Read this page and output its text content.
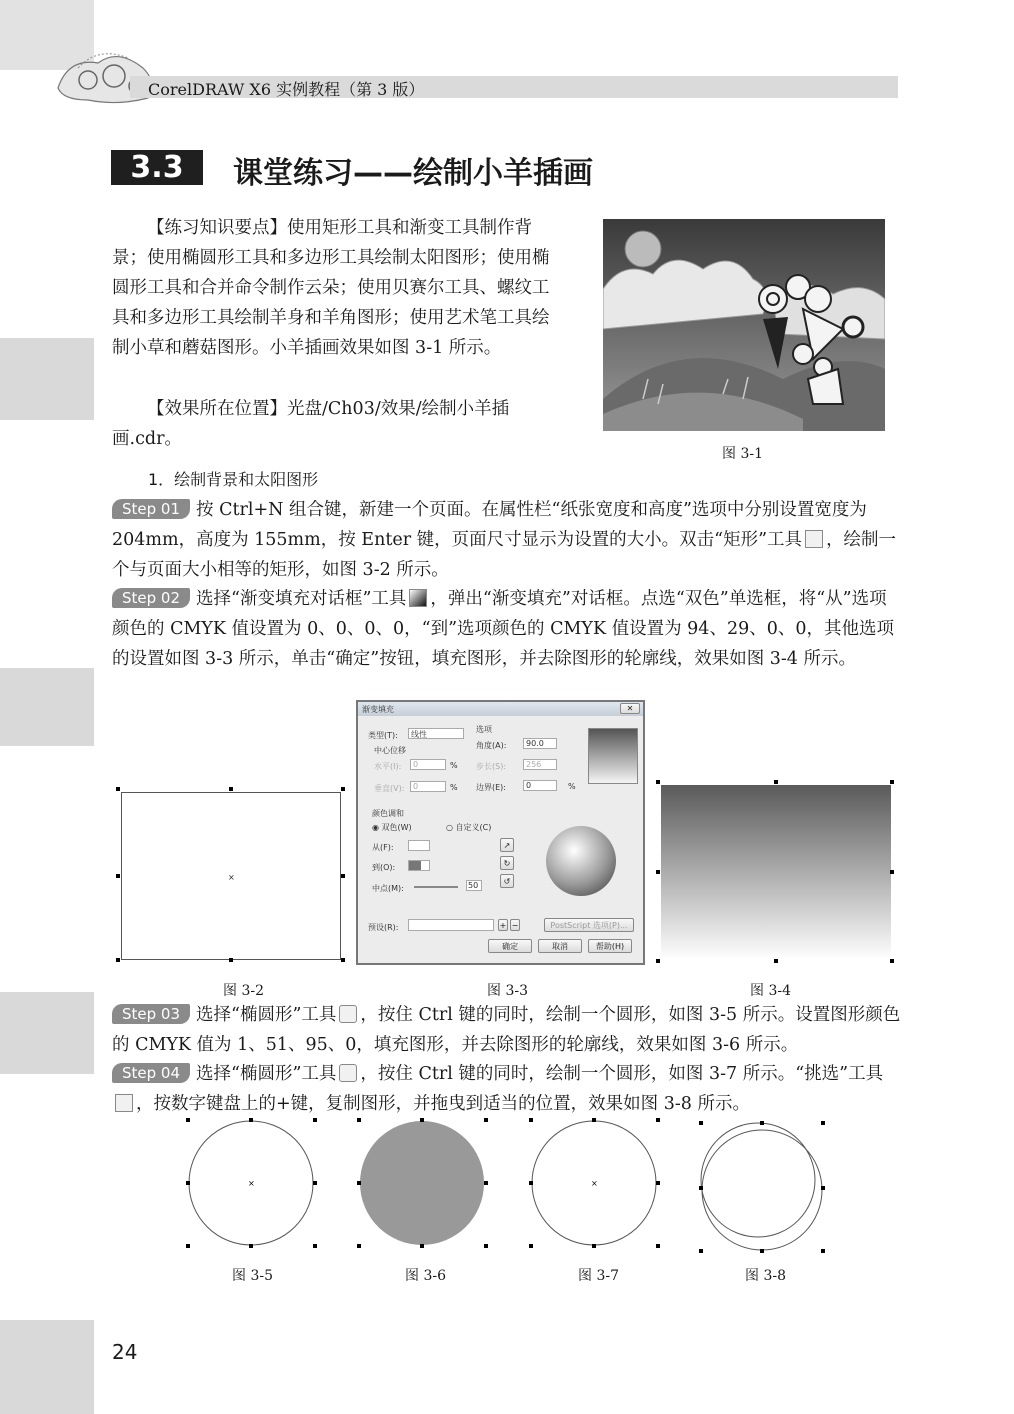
CorelDRAW X6 实例教程（第 3 版）
3.3	课堂练习——绘制小羊插画
【练习知识要点】使用矩形工具和渐变工具制作背景；使用椭圆形工具和多边形工具绘制太阳图形；使用椭圆形工具和合并命令制作云朵；使用贝赛尔工具、螺纹工具和多边形工具绘制羊身和羊角图形；使用艺术笔工具绘制小草和蘑菇图形。小羊插画效果如图 3-1 所示。
【效果所在位置】光盘/Ch03/效果/绘制小羊插画.cdr。
图 3-1
1．绘制背景和太阳图形
Step 01 按 Ctrl+N 组合键，新建一个页面。在属性栏“纸张宽度和高度”选项中分别设置宽度为 204mm，高度为 155mm，按 Enter 键，页面尺寸显示为设置的大小。双击“矩形”工具 ，绘制一个与页面大小相等的矩形，如图 3-2 所示。
Step 02 选择“渐变填充对话框”工具 ，弹出“渐变填充”对话框。点选“双色”单选框，将“从”选项颜色的 CMYK 值设置为 0、0、0、0，“到”选项颜色的 CMYK 值设置为 94、29、0、0，其他选项的设置如图 3-3 所示，单击“确定”按钮，填充图形，并去除图形的轮廓线，效果如图 3-4 所示。
×
图 3-2
渐变填充	✕
类型(T): 线性
中心位移
水平(I): 0	%
垂直(V): 0	%
选项
角度(A): 90.0
步长(S): 256
边界(E):	0	%
颜色调和
◉ 双色(W)	○ 自定义(C)
从(F):
到(O):
中点(M):	50
↗
↻
↺
预设(R):	+ −	PostScript 选项(P)...
确定	取消	帮助(H)
图 3-3	图 3-4
Step 03 选择“椭圆形”工具 ，按住 Ctrl 键的同时，绘制一个圆形，如图 3-5 所示。设置图形颜色的 CMYK 值为 1、51、95、0，填充图形，并去除图形的轮廓线，效果如图 3-6 所示。
Step 04 选择“椭圆形”工具 ，按住 Ctrl 键的同时，绘制一个圆形，如图 3-7 所示。“挑选”工具，按数字键盘上的+键，复制图形，并拖曳到适当的位置，效果如图 3-8 所示。
×	×
图 3-5	图 3-6	图 3-7	图 3-8
24
